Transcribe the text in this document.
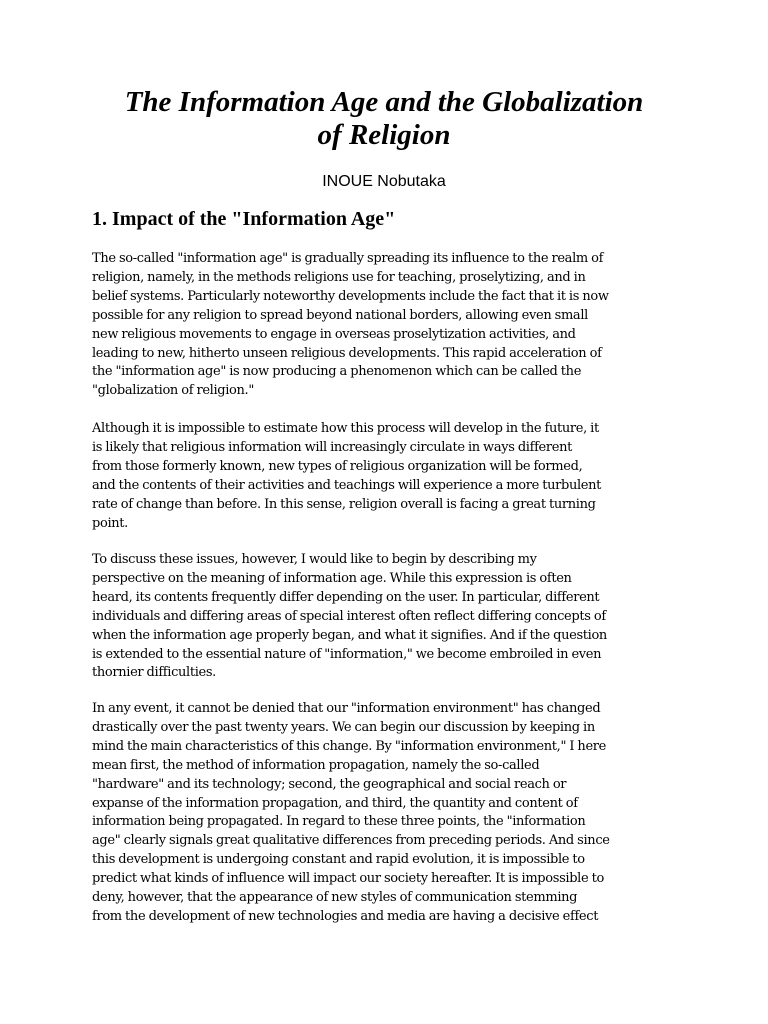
The Information Age and the Globalization
of Religion

INOUE Nobutaka

1. Impact of the "Information Age"

The so-called "information age" is gradually spreading its influence to the realm of
religion, namely, in the methods religions use for teaching, proselytizing, and in
belief systems. Particularly noteworthy developments include the fact that it is now
possible for any religion to spread beyond national borders, allowing even small
new religious movements to engage in overseas proselytization activities, and
leading to new, hitherto unseen religious developments. This rapid acceleration of
the "information age" is now producing a phenomenon which can be called the
"globalization of religion."

Although it is impossible to estimate how this process will develop in the future, it
is likely that religious information will increasingly circulate in ways different
from those formerly known, new types of religious organization will be formed,
and the contents of their activities and teachings will experience a more turbulent
rate of change than before. In this sense, religion overall is facing a great turning
point.

To discuss these issues, however, I would like to begin by describing my
perspective on the meaning of information age. While this expression is often
heard, its contents frequently differ depending on the user. In particular, different
individuals and differing areas of special interest often reflect differing concepts of
when the information age properly began, and what it signifies. And if the question
is extended to the essential nature of "information," we become embroiled in even
thornier difficulties.

In any event, it cannot be denied that our "information environment" has changed
drastically over the past twenty years. We can begin our discussion by keeping in
mind the main characteristics of this change. By "information environment," I here
mean first, the method of information propagation, namely the so-called
"hardware" and its technology; second, the geographical and social reach or
expanse of the information propagation, and third, the quantity and content of
information being propagated. In regard to these three points, the "information
age" clearly signals great qualitative differences from preceding periods. And since
this development is undergoing constant and rapid evolution, it is impossible to
predict what kinds of influence will impact our society hereafter. It is impossible to
deny, however, that the appearance of new styles of communication stemming
from the development of new technologies and media are having a decisive effect
